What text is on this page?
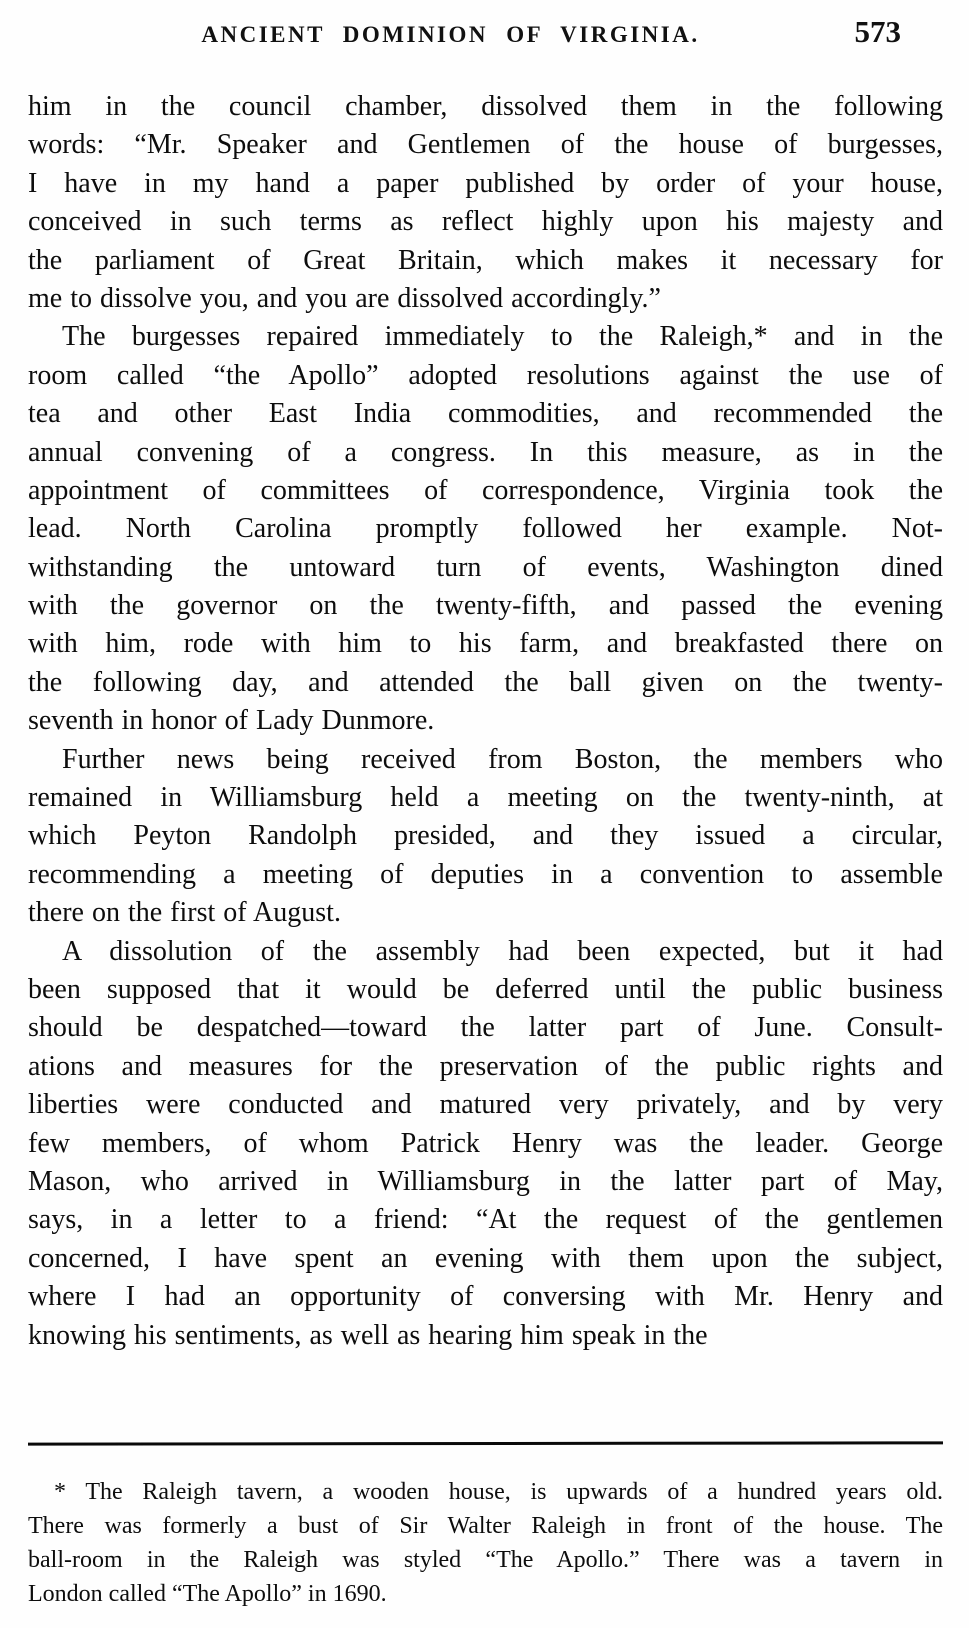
ANCIENT DOMINION OF VIRGINIA.	573
him in the council chamber, dissolved them in the following
words: “Mr. Speaker and Gentlemen of the house of burgesses,
I have in my hand a paper published by order of your house,
conceived in such terms as reflect highly upon his majesty and
the parliament of Great Britain, which makes it necessary for
me to dissolve you, and you are dissolved accordingly.”
The burgesses repaired immediately to the Raleigh,* and in the
room called “the Apollo” adopted resolutions against the use of
tea and other East India commodities, and recommended the
annual convening of a congress. In this measure, as in the
appointment of committees of correspondence, Virginia took the
lead. North Carolina promptly followed her example. Not-
withstanding the untoward turn of events, Washington dined
with the governor on the twenty-fifth, and passed the evening
with him, rode with him to his farm, and breakfasted there on
the following day, and attended the ball given on the twenty-
seventh in honor of Lady Dunmore.
Further news being received from Boston, the members who
remained in Williamsburg held a meeting on the twenty-ninth, at
which Peyton Randolph presided, and they issued a circular,
recommending a meeting of deputies in a convention to assemble
there on the first of August.
A dissolution of the assembly had been expected, but it had
been supposed that it would be deferred until the public business
should be despatched—toward the latter part of June. Consult-
ations and measures for the preservation of the public rights and
liberties were conducted and matured very privately, and by very
few members, of whom Patrick Henry was the leader. George
Mason, who arrived in Williamsburg in the latter part of May,
says, in a letter to a friend: “At the request of the gentlemen
concerned, I have spent an evening with them upon the subject,
where I had an opportunity of conversing with Mr. Henry and
knowing his sentiments, as well as hearing him speak in the
* The Raleigh tavern, a wooden house, is upwards of a hundred years old.
There was formerly a bust of Sir Walter Raleigh in front of the house. The
ball-room in the Raleigh was styled “The Apollo.” There was a tavern in
London called “The Apollo” in 1690.
